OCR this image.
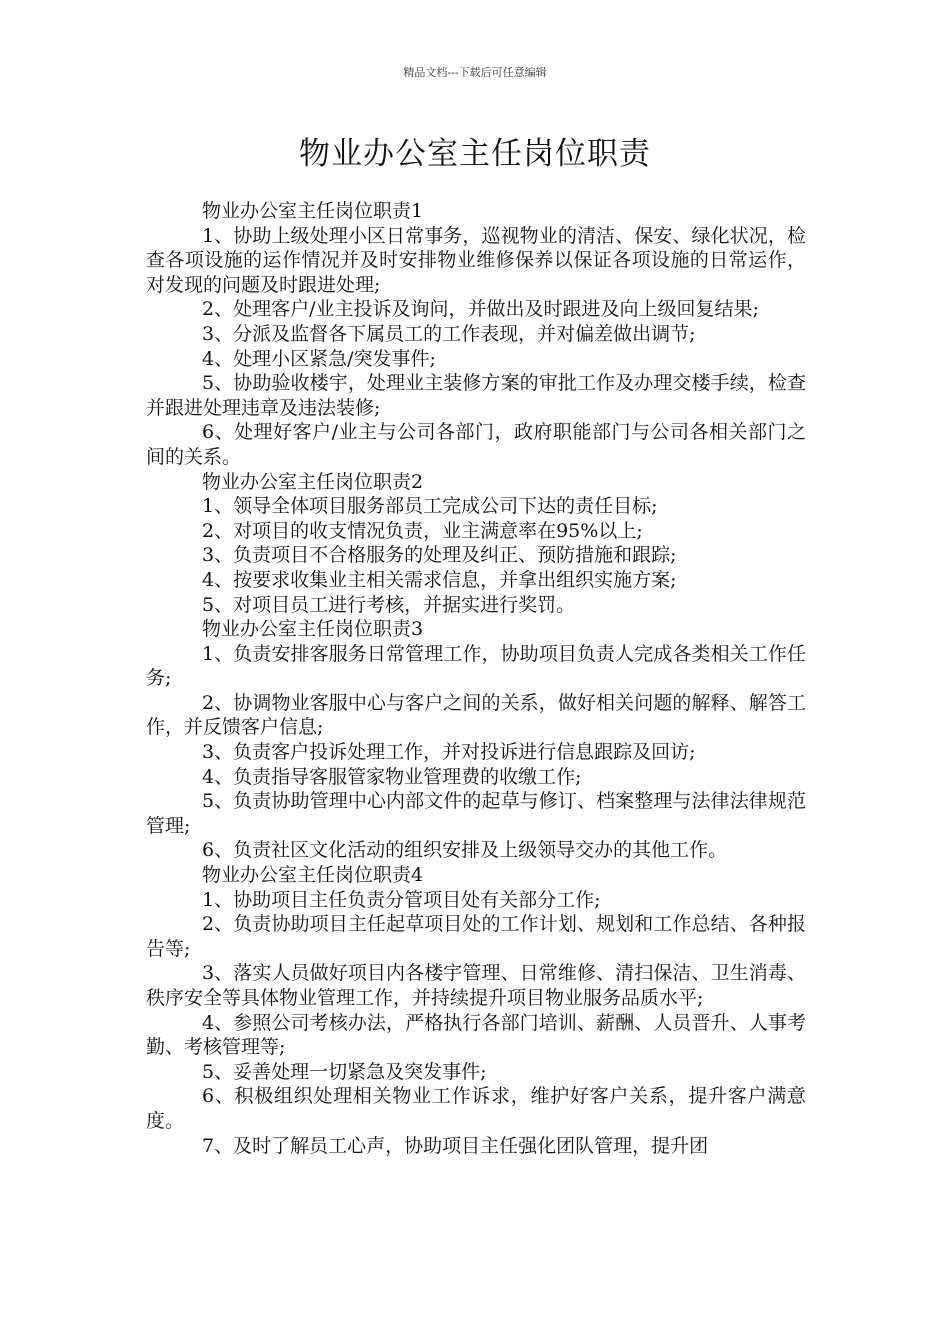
精品文档---下载后可任意编辑
物业办公室主任岗位职责

物业办公室主任岗位职责1

1、协助上级处理小区日常事务，巡视物业的清洁、保安、绿化状况，检查各项设施的运作情况并及时安排物业维修保养以保证各项设施的日常运作，对发现的问题及时跟进处理;

2、处理客户/业主投诉及询问，并做出及时跟进及向上级回复结果;

3、分派及监督各下属员工的工作表现，并对偏差做出调节;

4、处理小区紧急/突发事件;

5、协助验收楼宇，处理业主装修方案的审批工作及办理交楼手续，检查并跟进处理违章及违法装修;

6、处理好客户/业主与公司各部门，政府职能部门与公司各相关部门之间的关系。

物业办公室主任岗位职责2

1、领导全体项目服务部员工完成公司下达的责任目标;

2、对项目的收支情况负责，业主满意率在95%以上;

3、负责项目不合格服务的处理及纠正、预防措施和跟踪;

4、按要求收集业主相关需求信息，并拿出组织实施方案;

5、对项目员工进行考核，并据实进行奖罚。

物业办公室主任岗位职责3

1、负责安排客服务日常管理工作，协助项目负责人完成各类相关工作任务;

2、协调物业客服中心与客户之间的关系，做好相关问题的解释、解答工作，并反馈客户信息;

3、负责客户投诉处理工作，并对投诉进行信息跟踪及回访;

4、负责指导客服管家物业管理费的收缴工作;

5、负责协助管理中心内部文件的起草与修订、档案整理与法律法律规范管理;

6、负责社区文化活动的组织安排及上级领导交办的其他工作。

物业办公室主任岗位职责4

1、协助项目主任负责分管项目处有关部分工作;

2、负责协助项目主任起草项目处的工作计划、规划和工作总结、各种报告等;

3、落实人员做好项目内各楼宇管理、日常维修、清扫保洁、卫生消毒、秩序安全等具体物业管理工作，并持续提升项目物业服务品质水平;

4、参照公司考核办法，严格执行各部门培训、薪酬、人员晋升、人事考勤、考核管理等;

5、妥善处理一切紧急及突发事件;

6、积极组织处理相关物业工作诉求，维护好客户关系，提升客户满意度。

7、及时了解员工心声，协助项目主任强化团队管理，提升团
